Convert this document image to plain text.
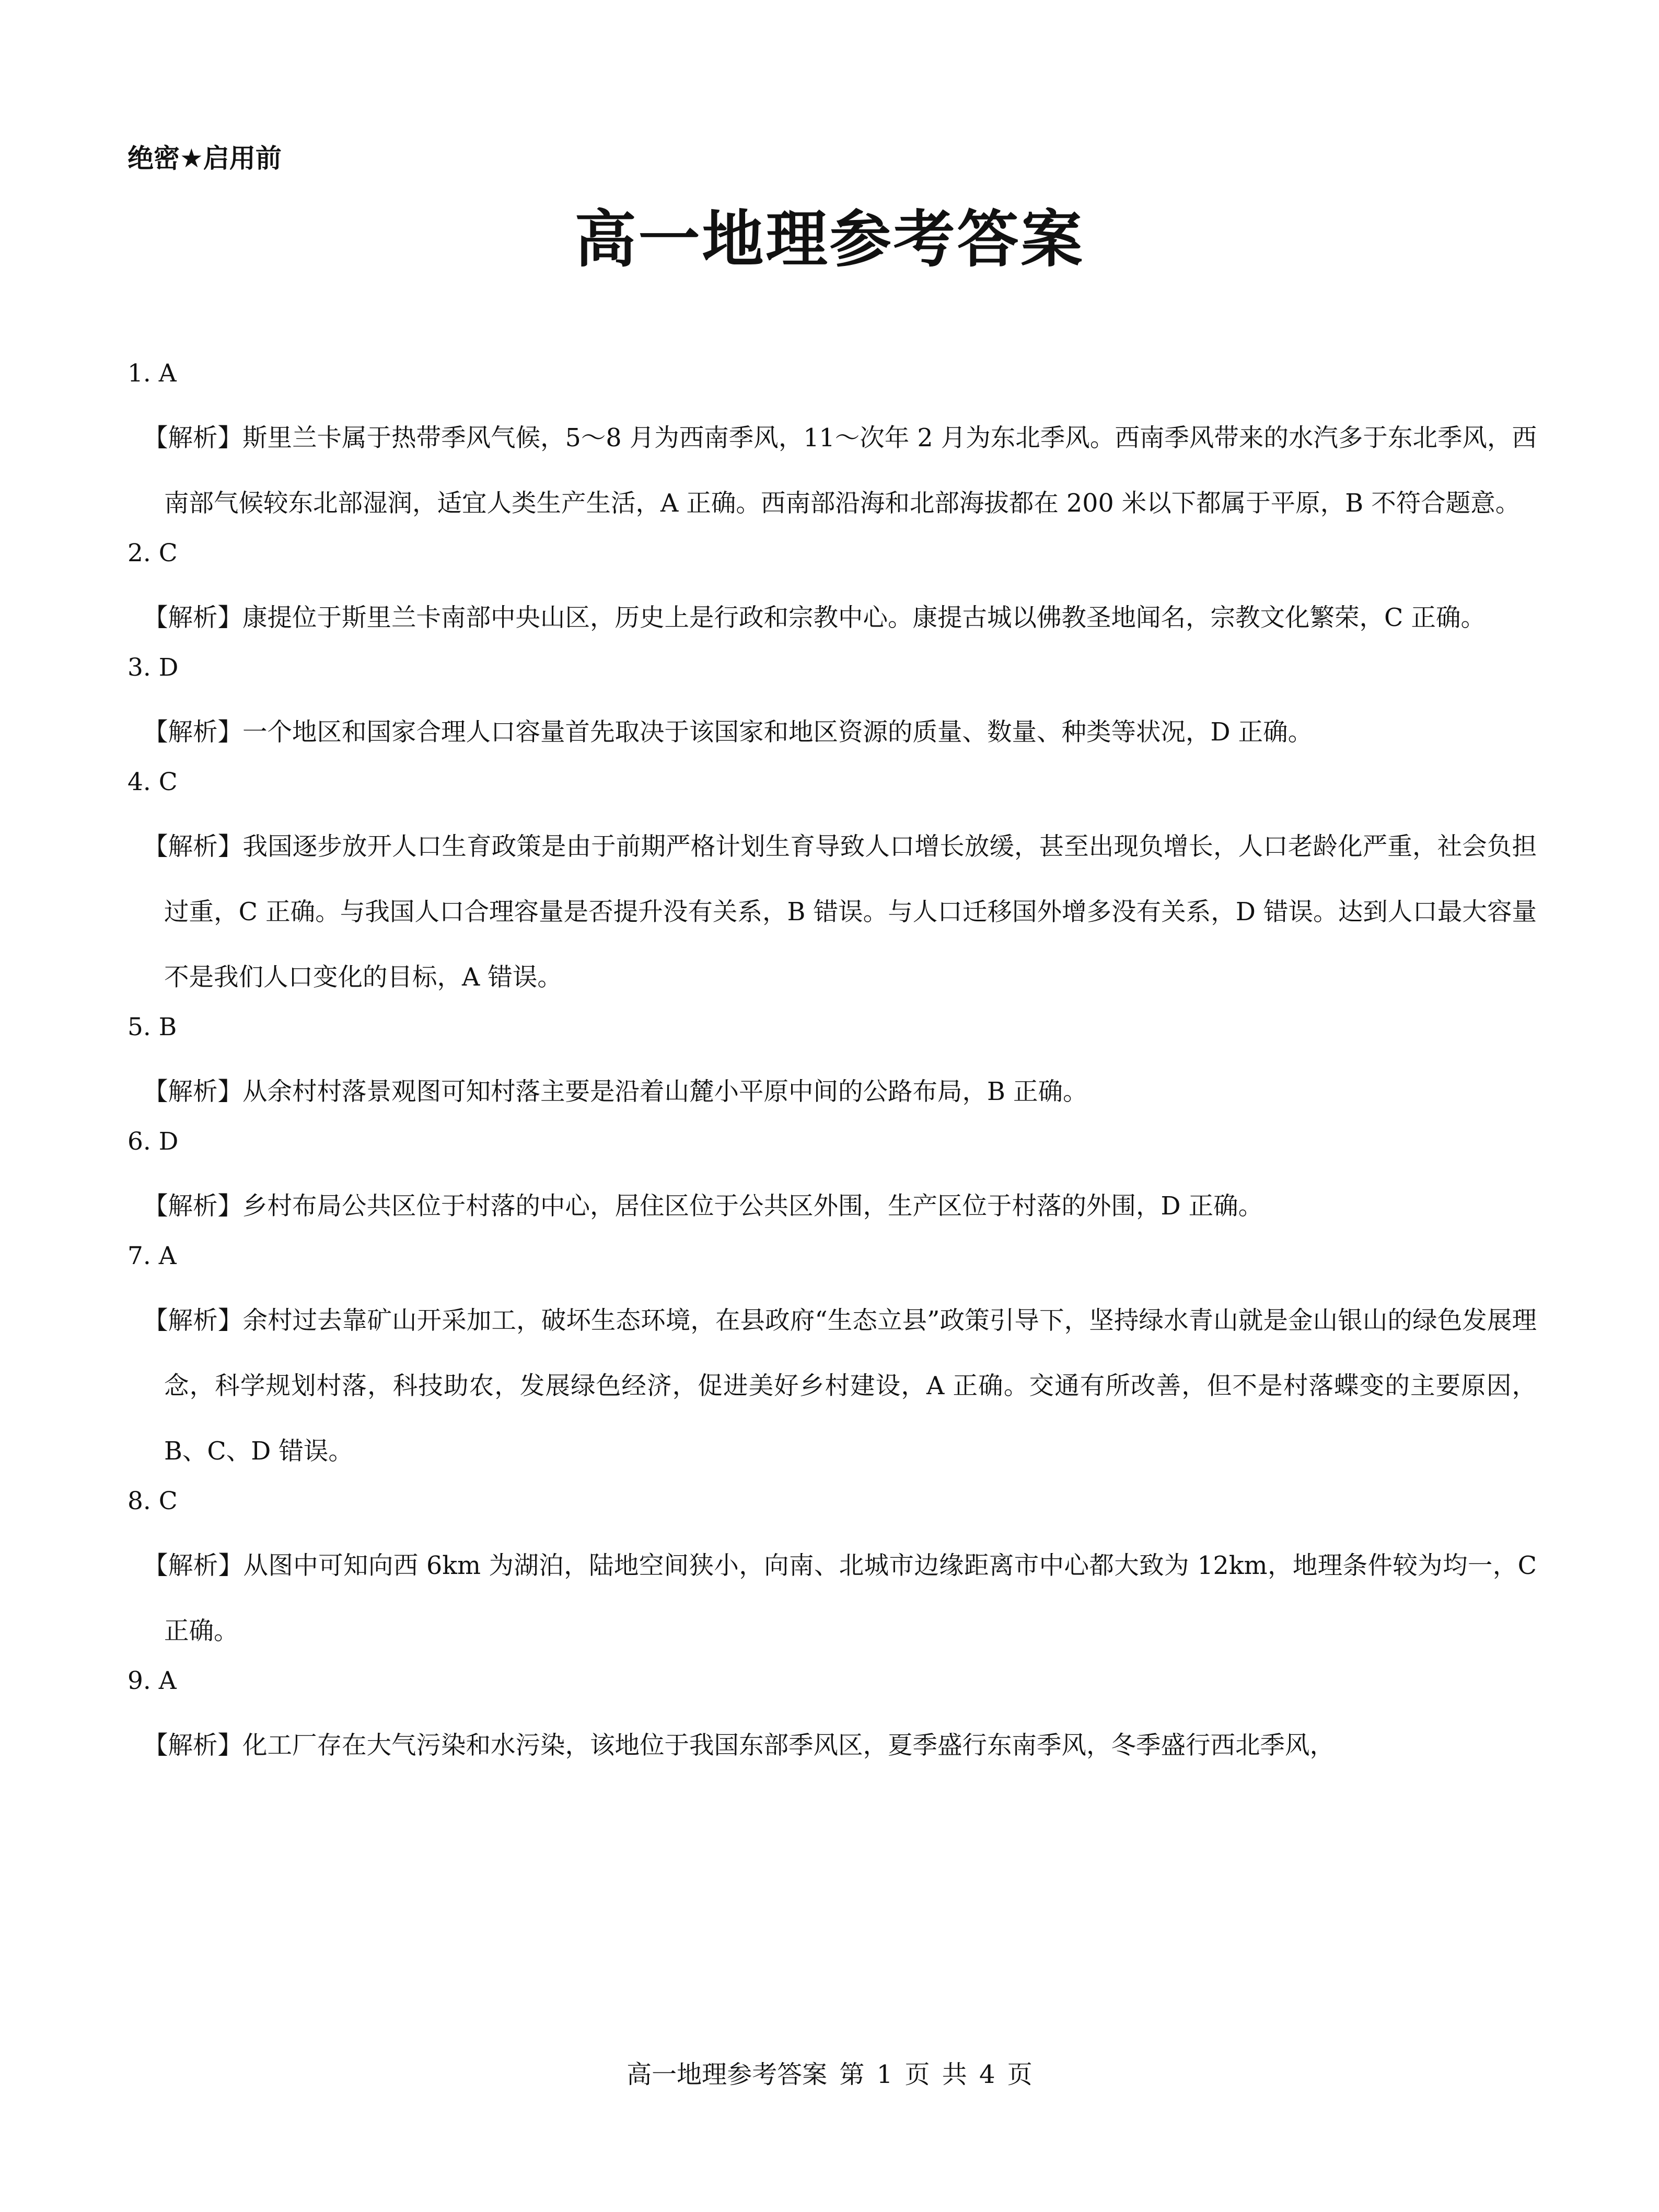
绝密★启用前
高一地理参考答案
1. A

【解析】斯里兰卡属于热带季风气候，5～8 月为西南季风，11～次年 2 月为东北季风。西南季风带来的水汽多于东北季风，西南部气候较东北部湿润，适宜人类生产生活，A 正确。西南部沿海和北部海拔都在 200 米以下都属于平原，B 不符合题意。

2. C

【解析】康提位于斯里兰卡南部中央山区，历史上是行政和宗教中心。康提古城以佛教圣地闻名，宗教文化繁荣，C 正确。

3. D

【解析】一个地区和国家合理人口容量首先取决于该国家和地区资源的质量、数量、种类等状况，D 正确。

4. C

【解析】我国逐步放开人口生育政策是由于前期严格计划生育导致人口增长放缓，甚至出现负增长，人口老龄化严重，社会负担过重，C 正确。与我国人口合理容量是否提升没有关系，B 错误。与人口迁移国外增多没有关系，D 错误。达到人口最大容量不是我们人口变化的目标，A 错误。

5. B

【解析】从余村村落景观图可知村落主要是沿着山麓小平原中间的公路布局，B 正确。

6. D

【解析】乡村布局公共区位于村落的中心，居住区位于公共区外围，生产区位于村落的外围，D 正确。

7. A

【解析】余村过去靠矿山开采加工，破坏生态环境，在县政府“生态立县”政策引导下，坚持绿水青山就是金山银山的绿色发展理念，科学规划村落，科技助农，发展绿色经济，促进美好乡村建设，A 正确。交通有所改善，但不是村落蝶变的主要原因，B、C、D 错误。

8. C

【解析】从图中可知向西 6km 为湖泊，陆地空间狭小，向南、北城市边缘距离市中心都大致为 12km，地理条件较为均一，C 正确。

9. A

【解析】化工厂存在大气污染和水污染，该地位于我国东部季风区，夏季盛行东南季风，冬季盛行西北季风，

高一地理参考答案 第 1 页 共 4 页
